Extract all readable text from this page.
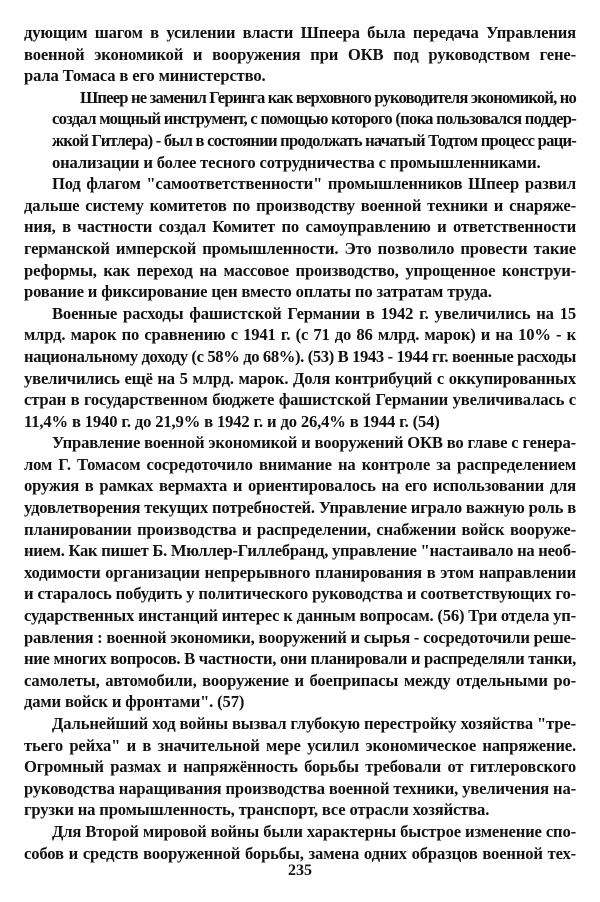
дующим шагом в усилении власти Шпеера была передача Управления
военной экономикой и вооружения при ОКВ под руководством гене-
рала Томаса в его министерство.

Шпеер не заменил Геринга как верховного руководителя экономикой, но
создал мощный инструмент, с помощью которого (пока пользовался поддер-
жкой Гитлера) - был в состоянии продолжать начатый Тодтом процесс раци-
онализации и более тесного сотрудничества с промышленниками.

Под флагом "самоответственности" промышленников Шпеер развил
дальше систему комитетов по производству военной техники и снаряже-
ния, в частности создал Комитет по самоуправлению и ответственности
германской имперской промышленности. Это позволило провести такие
реформы, как переход на массовое производство, упрощенное конструи-
рование и фиксирование цен вместо оплаты по затратам труда.

Военные расходы фашистской Германии в 1942 г. увеличились на 15
млрд. марок по сравнению с 1941 г. (с 71 до 86 млрд. марок) и на 10% - к
национальному доходу (с 58% до 68%). (53) В 1943 - 1944 гг. военные расходы
увеличились ещё на 5 млрд. марок. Доля контрибуций с оккупированных
стран в государственном бюджете фашистской Германии увеличивалась с
11,4% в 1940 г. до 21,9% в 1942 г. и до 26,4% в 1944 г. (54)

Управление военной экономикой и вооружений ОКВ во главе с генера-
лом Г. Томасом сосредоточило внимание на контроле за распределением
оружия в рамках вермахта и ориентировалось на его использовании для
удовлетворения текущих потребностей. Управление играло важную роль в
планировании производства и распределении, снабжении войск вооруже-
нием. Как пишет Б. Мюллер-Гиллебранд, управление "настаивало на необ-
ходимости организации непрерывного планирования в этом направлении
и старалось побудить у политического руководства и соответствующих го-
сударственных инстанций интерес к данным вопросам. (56) Три отдела уп-
равления : военной экономики, вооружений и сырья - сосредоточили реше-
ние многих вопросов. В частности, они планировали и распределяли танки,
самолеты, автомобили, вооружение и боеприпасы между отдельными ро-
дами войск и фронтами". (57)

Дальнейший ход войны вызвал глубокую перестройку хозяйства "тре-
тьего рейха" и в значительной мере усилил экономическое напряжение.
Огромный размах и напряжённость борьбы требовали от гитлеровского
руководства наращивания производства военной техники, увеличения на-
грузки на промышленность, транспорт, все отрасли хозяйства.

Для Второй мировой войны были характерны быстрое изменение спо-
собов и средств вооруженной борьбы, замена одних образцов военной тех-

235
